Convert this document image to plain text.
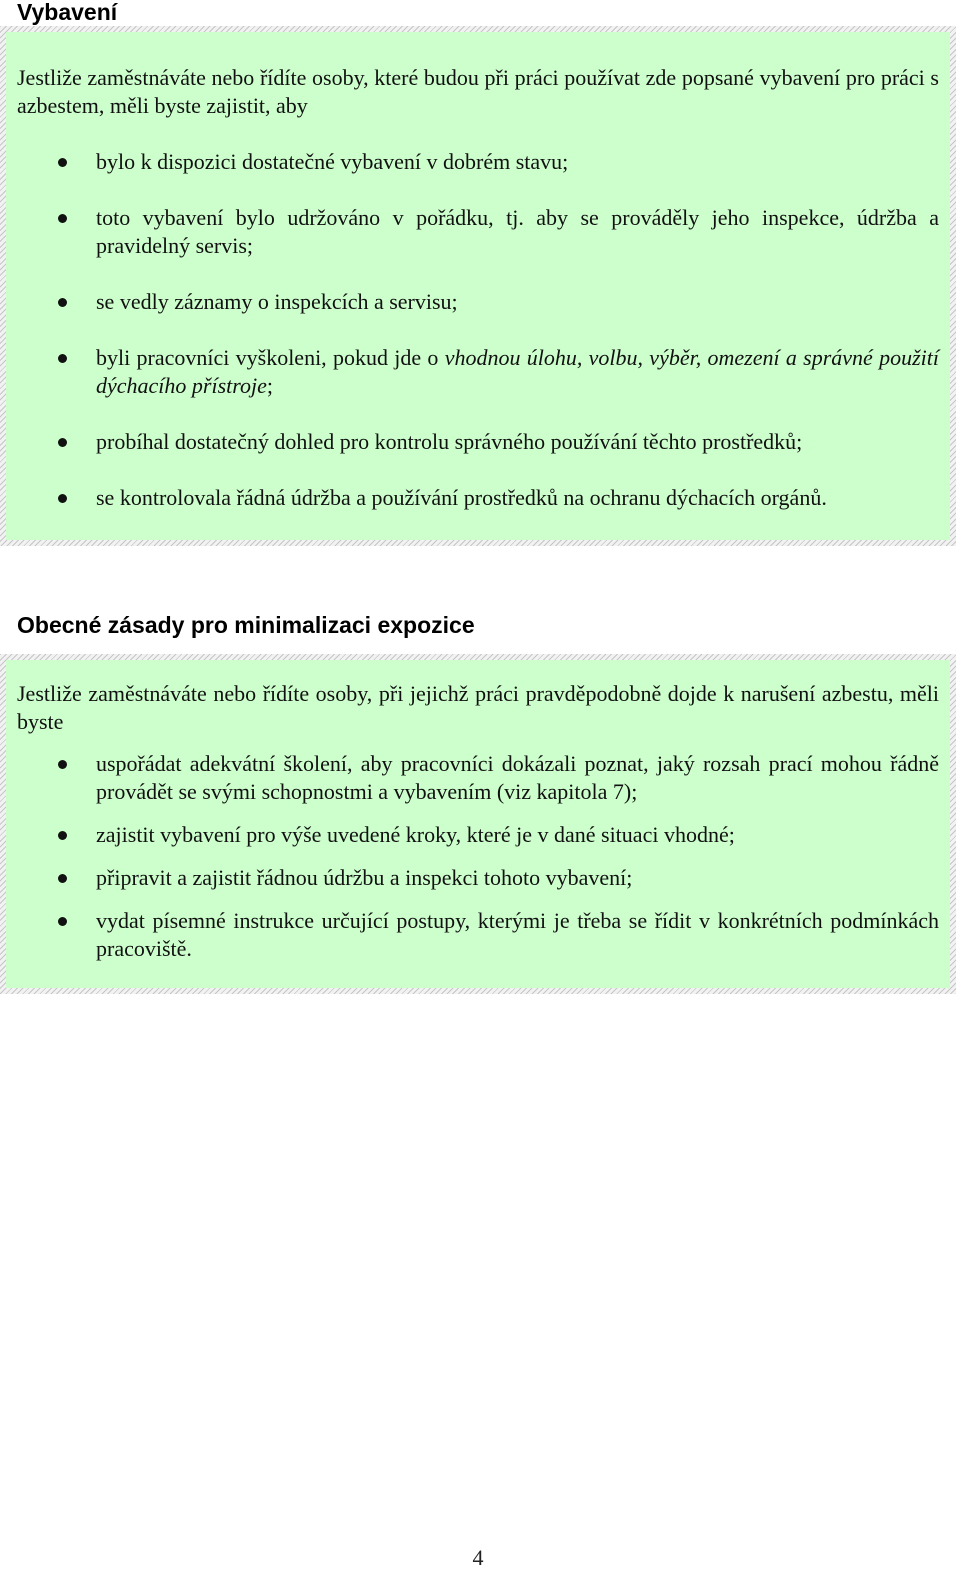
Vybavení

Jestliže zaměstnáváte nebo řídíte osoby, které budou při práci používat zde popsané vybavení pro práci s azbestem, měli byste zajistit, aby

bylo k dispozici dostatečné vybavení v dobrém stavu;
toto vybavení bylo udržováno v pořádku, tj. aby se prováděly jeho inspekce, údržba a pravidelný servis;
se vedly záznamy o inspekcích a servisu;
byli pracovníci vyškoleni, pokud jde o vhodnou úlohu, volbu, výběr, omezení a správné použití dýchacího přístroje;
probíhal dostatečný dohled pro kontrolu správného používání těchto prostředků;
se kontrolovala řádná údržba a používání prostředků na ochranu dýchacích orgánů.
Obecné zásady pro minimalizaci expozice

Jestliže zaměstnáváte nebo řídíte osoby, při jejichž práci pravděpodobně dojde k narušení azbestu, měli byste

uspořádat adekvátní školení, aby pracovníci dokázali poznat, jaký rozsah prací mohou řádně provádět se svými schopnostmi a vybavením (viz kapitola 7);
zajistit vybavení pro výše uvedené kroky, které je v dané situaci vhodné;
připravit a zajistit řádnou údržbu a inspekci tohoto vybavení;
vydat písemné instrukce určující postupy, kterými je třeba se řídit v konkrétních podmínkách pracoviště.
4
